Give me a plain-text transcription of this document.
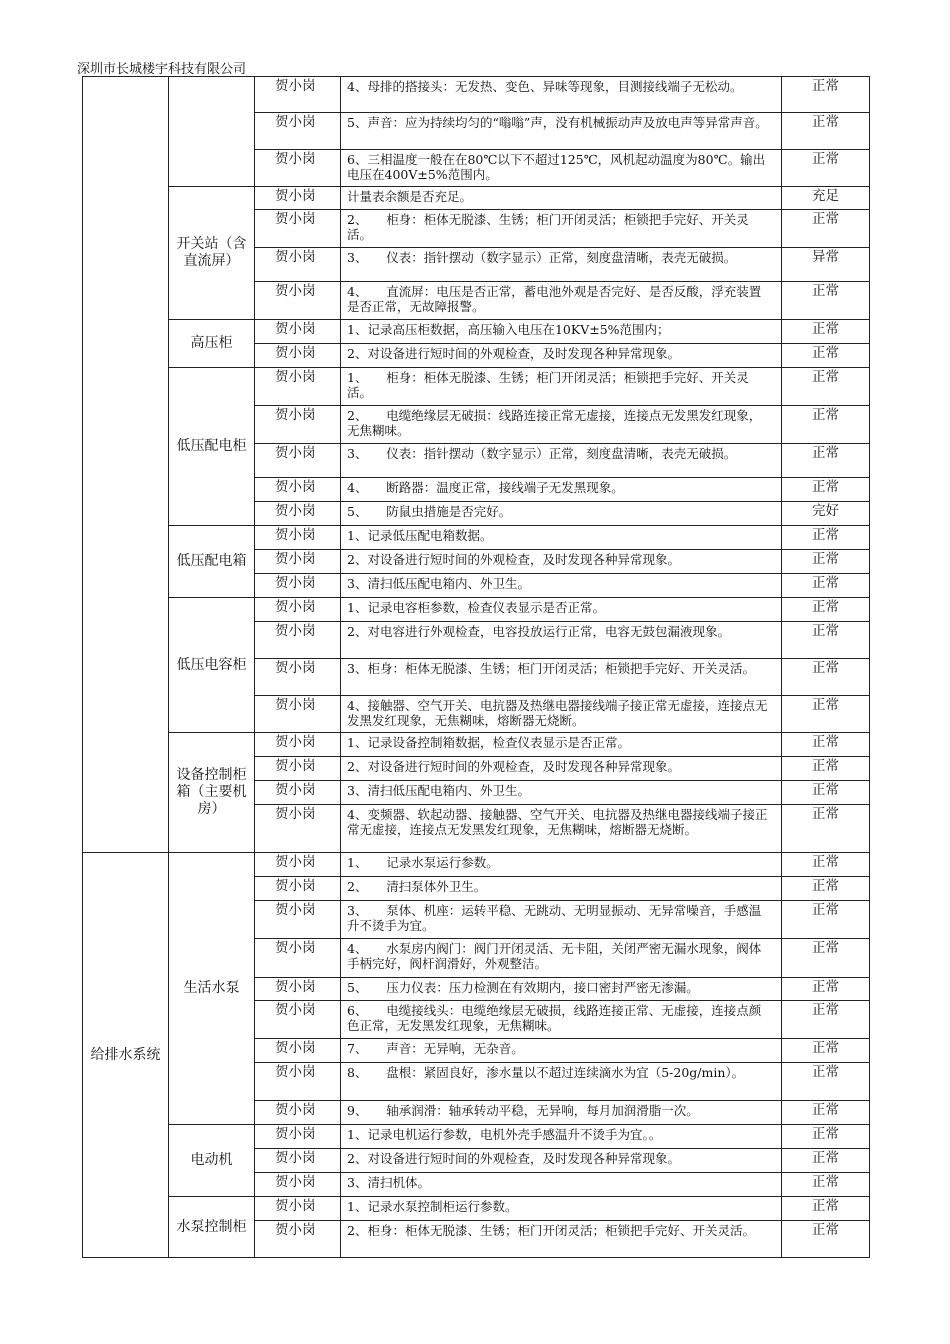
深圳市长城楼宇科技有限公司
		贺小岗	4、母排的搭接头：无发热、变色、异味等现象，目测接线端子无松动。	正常
		贺小岗	5、声音：应为持续均匀的“嗡嗡”声，没有机械振动声及放电声等异常声音。	正常
		贺小岗	6、三相温度一般在在80℃以下不超过125℃，风机起动温度为80℃。输出电压在400V±5%范围内。	正常
	开关站（含直流屏）	贺小岗	计量表余额是否充足。	充足
		贺小岗	2、　　柜身：柜体无脱漆、生锈；柜门开闭灵活；柜锁把手完好、开关灵活。	正常
		贺小岗	3、　　仪表：指针摆动（数字显示）正常，刻度盘清晰，表壳无破损。	异常
		贺小岗	4、　　直流屏：电压是否正常，蓄电池外观是否完好、是否反酸，浮充装置是否正常，无故障报警。	正常
	高压柜	贺小岗	1、记录高压柜数据，高压输入电压在10KV±5%范围内；	正常
		贺小岗	2、对设备进行短时间的外观检查，及时发现各种异常现象。	正常
	低压配电柜	贺小岗	1、　　柜身：柜体无脱漆、生锈；柜门开闭灵活；柜锁把手完好、开关灵活。	正常
		贺小岗	2、　　电缆绝缘层无破损：线路连接正常无虚接，连接点无发黑发红现象，无焦糊味。	正常
		贺小岗	3、　　仪表：指针摆动（数字显示）正常，刻度盘清晰，表壳无破损。	正常
		贺小岗	4、　　断路器：温度正常，接线端子无发黑现象。	正常
		贺小岗	5、　　防鼠虫措施是否完好。	完好
	低压配电箱	贺小岗	1、记录低压配电箱数据。	正常
		贺小岗	2、对设备进行短时间的外观检查，及时发现各种异常现象。	正常
		贺小岗	3、清扫低压配电箱内、外卫生。	正常
	低压电容柜	贺小岗	1、记录电容柜参数，检查仪表显示是否正常。	正常
		贺小岗	2、对电容进行外观检查，电容投放运行正常，电容无鼓包漏液现象。	正常
		贺小岗	3、柜身：柜体无脱漆、生锈；柜门开闭灵活；柜锁把手完好、开关灵活。	正常
		贺小岗	4、接触器、空气开关、电抗器及热继电器接线端子接正常无虚接，连接点无发黑发红现象，无焦糊味，熔断器无烧断。	正常
	设备控制柜箱（主要机房）	贺小岗	1、记录设备控制箱数据，检查仪表显示是否正常。	正常
		贺小岗	2、对设备进行短时间的外观检查，及时发现各种异常现象。	正常
		贺小岗	3、清扫低压配电箱内、外卫生。	正常
		贺小岗	4、变频器、软起动器、接触器、空气开关、电抗器及热继电器接线端子接正常无虚接，连接点无发黑发红现象，无焦糊味，熔断器无烧断。	正常
给排水系统	生活水泵	贺小岗	1、　　记录水泵运行参数。	正常
		贺小岗	2、　　清扫泵体外卫生。	正常
		贺小岗	3、　　泵体、机座：运转平稳、无跳动、无明显振动、无异常噪音，手感温升不烫手为宜。	正常
		贺小岗	4、　　水泵房内阀门：阀门开闭灵活、无卡阻，关闭严密无漏水现象，阀体手柄完好，阀杆润滑好，外观整洁。	正常
		贺小岗	5、　　压力仪表：压力检测在有效期内，接口密封严密无渗漏。	正常
		贺小岗	6、　　电缆接线头：电缆绝缘层无破损，线路连接正常、无虚接，连接点颜色正常，无发黑发红现象，无焦糊味。	正常
		贺小岗	7、　　声音：无异响，无杂音。	正常
		贺小岗	8、　　盘根：紧固良好，渗水量以不超过连续滴水为宜（5-20g/min）。	正常
		贺小岗	9、　　轴承润滑：轴承转动平稳，无异响，每月加润滑脂一次。	正常
	电动机	贺小岗	1、记录电机运行参数，电机外壳手感温升不烫手为宜。。	正常
		贺小岗	2、对设备进行短时间的外观检查，及时发现各种异常现象。	正常
		贺小岗	3、清扫机体。	正常
	水泵控制柜	贺小岗	1、记录水泵控制柜运行参数。	正常
		贺小岗	2、柜身：柜体无脱漆、生锈；柜门开闭灵活；柜锁把手完好、开关灵活。	正常
